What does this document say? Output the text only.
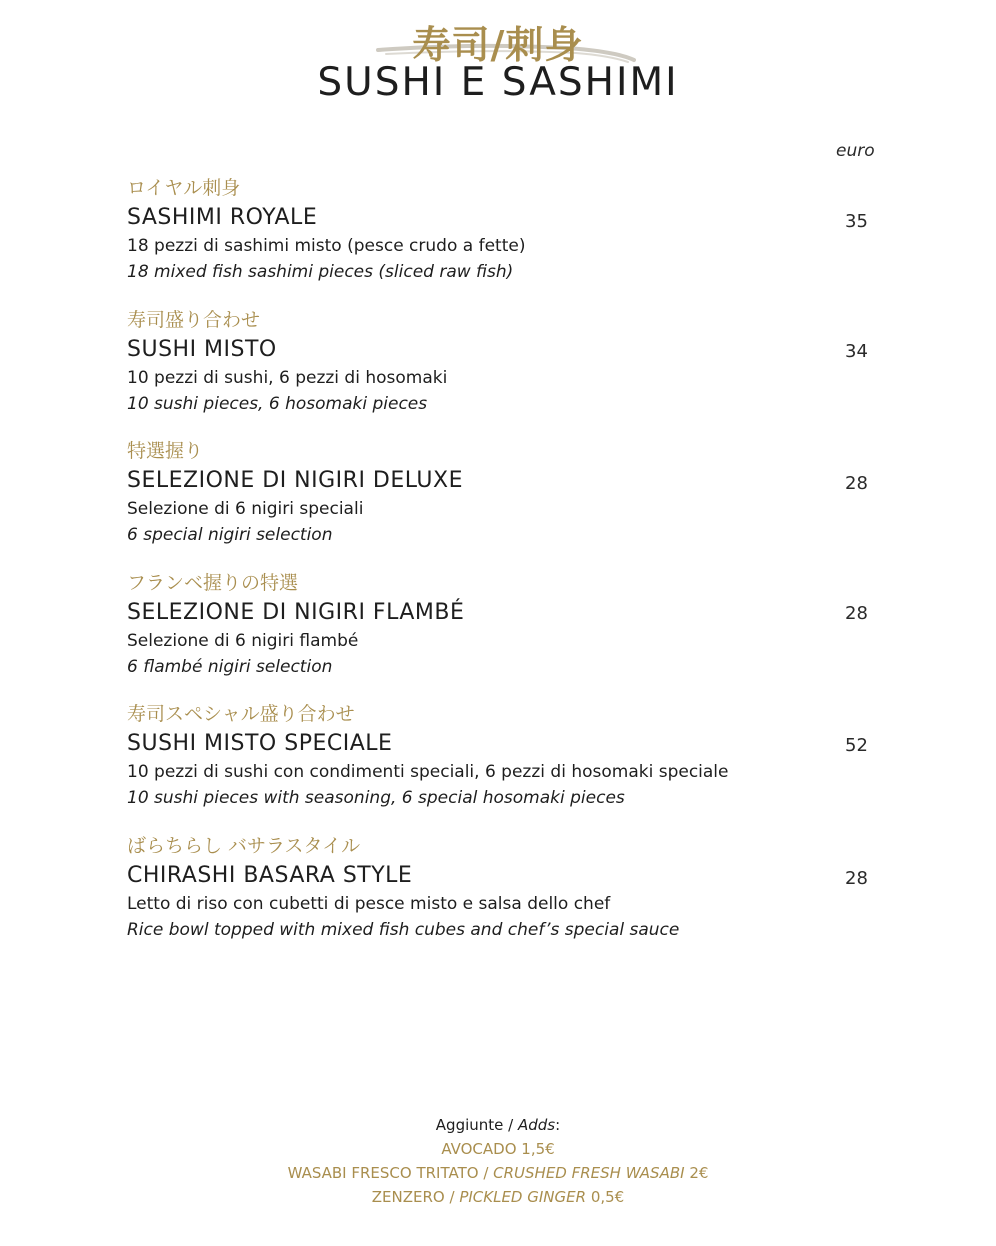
寿司/刺身
SUSHI E SASHIMI
euro
ロイヤル刺身
SASHIMI ROYALE
18 pezzi di sashimi misto (pesce crudo a fette)
18 mixed fish sashimi pieces (sliced raw fish)
35
寿司盛り合わせ
SUSHI MISTO
10 pezzi di sushi, 6 pezzi di hosomaki
10 sushi pieces, 6 hosomaki pieces
34
特選握り
SELEZIONE DI NIGIRI DELUXE
Selezione di 6 nigiri speciali
6 special nigiri selection
28
フランベ握りの特選
SELEZIONE DI NIGIRI FLAMBÉ
Selezione di 6 nigiri flambé
6 flambé nigiri selection
28
寿司スペシャル盛り合わせ
SUSHI MISTO SPECIALE
10 pezzi di sushi con condimenti speciali, 6 pezzi di hosomaki speciale
10 sushi pieces with seasoning, 6 special hosomaki pieces
52
ばらちらし バサラスタイル
CHIRASHI BASARA STYLE
Letto di riso con cubetti di pesce misto e salsa dello chef
Rice bowl topped with mixed fish cubes and chef’s special sauce
28
Aggiunte / Adds:
AVOCADO 1,5€
WASABI FRESCO TRITATO / CRUSHED FRESH WASABI 2€
ZENZERO / PICKLED GINGER 0,5€
